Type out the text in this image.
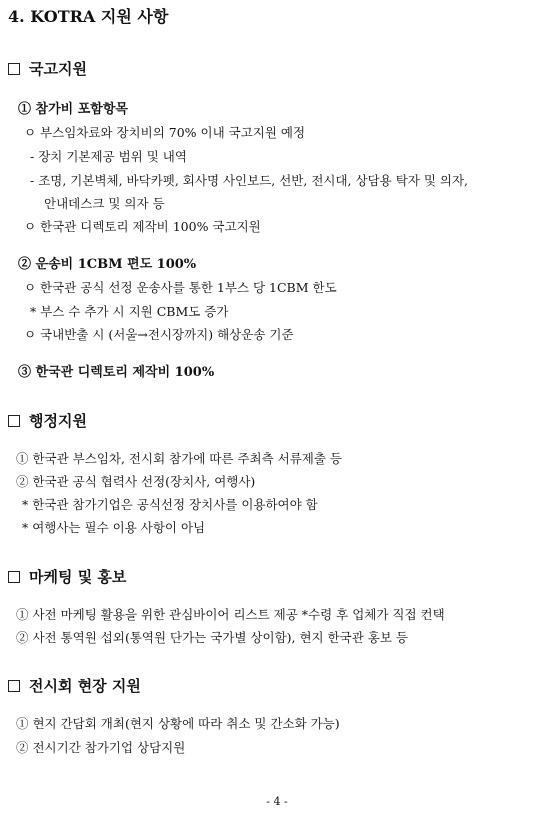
4. KOTRA 지원 사항
국고지원
① 참가비 포함항목
ㅇ 부스임차료와 장치비의 70% 이내 국고지원 예정
- 장치 기본제공 범위 및 내역
- 조명, 기본벽체, 바닥카펫, 회사명 사인보드, 선반, 전시대, 상담용 탁자 및 의자,
안내데스크 및 의자 등
ㅇ 한국관 디렉토리 제작비 100% 국고지원
② 운송비 1CBM 편도 100%
ㅇ 한국관 공식 선정 운송사를 통한 1부스 당 1CBM 한도
* 부스 수 추가 시 지원 CBM도 증가
ㅇ 국내반출 시 (서울→전시장까지) 해상운송 기준
③ 한국관 디렉토리 제작비 100%
행정지원
① 한국관 부스임차, 전시회 참가에 따른 주최측 서류제출 등
② 한국관 공식 협력사 선정(장치사, 여행사)
* 한국관 참가기업은 공식선정 장치사를 이용하여야 함
* 여행사는 필수 이용 사항이 아님
마케팅 및 홍보
① 사전 마케팅 활용을 위한 관심바이어 리스트 제공 *수령 후 업체가 직접 컨택
② 사전 통역원 섭외(통역원 단가는 국가별 상이함), 현지 한국관 홍보 등
전시회 현장 지원
① 현지 간담회 개최(현지 상황에 따라 취소 및 간소화 가능)
② 전시기간 참가기업 상담지원
- 4 -
